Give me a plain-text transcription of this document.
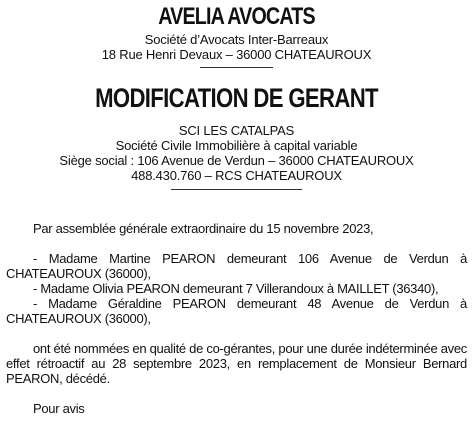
AVELIA AVOCATS
Société d’Avocats Inter-Barreaux
18 Rue Henri Devaux – 36000 CHATEAUROUX
MODIFICATION DE GERANT
SCI LES CATALPAS
Société Civile Immobilière à capital variable
Siège social : 106 Avenue de Verdun – 36000 CHATEAUROUX
488.430.760 – RCS CHATEAUROUX

Par assemblée générale extraordinaire du 15 novembre 2023,

- Madame Martine PEARON demeurant 106 Avenue de Verdun à CHATEAUROUX (36000),

- Madame Olivia PEARON demeurant 7 Villerandoux à MAILLET (36340),

- Madame Géraldine PEARON demeurant 48 Avenue de Verdun à CHATEAUROUX (36000),

ont été nommées en qualité de co-gérantes, pour une durée indéterminée avec effet rétroactif au 28 septembre 2023, en remplacement de Monsieur Bernard PEARON, décédé.

Pour avis
